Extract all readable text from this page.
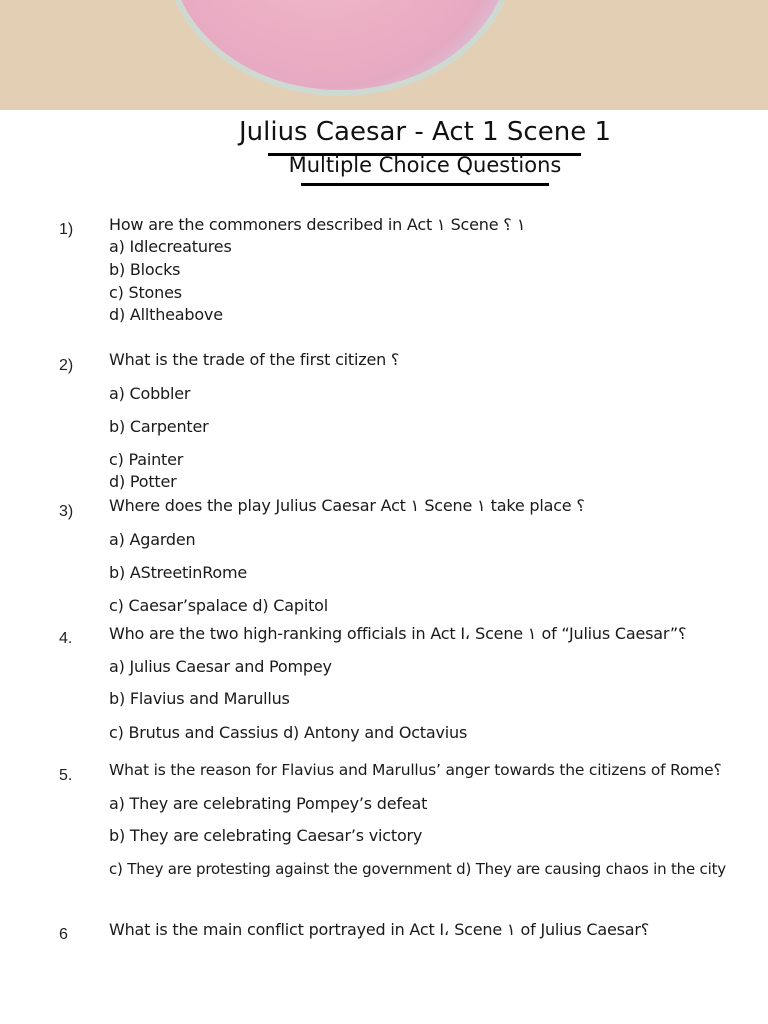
Julius Caesar - Act 1 Scene 1
Multiple Choice Questions
1) How are the commoners described in Act ١ Scene ١ ؟
a) Idlecreatures
b) Blocks
c) Stones
d) Alltheabove
2) What is the trade of the first citizen ؟
a) Cobbler
b) Carpenter
c) Painter
d) Potter
3) Where does the play Julius Caesar Act ١ Scene ١ take place ؟
a) Agarden
b) AStreetinRome
c) Caesar’spalace d) Capitol
4. Who are the two high-ranking officials in Act I، Scene ١ of “Julius Caesar”؟
a) Julius Caesar and Pompey
b) Flavius and Marullus
c) Brutus and Cassius d) Antony and Octavius
5. What is the reason for Flavius and Marullus’ anger towards the citizens of Rome؟
a) They are celebrating Pompey’s defeat
b) They are celebrating Caesar’s victory
c) They are protesting against the government d) They are causing chaos in the city
6	What is the main conflict portrayed in Act I، Scene ١ of Julius Caesar؟
